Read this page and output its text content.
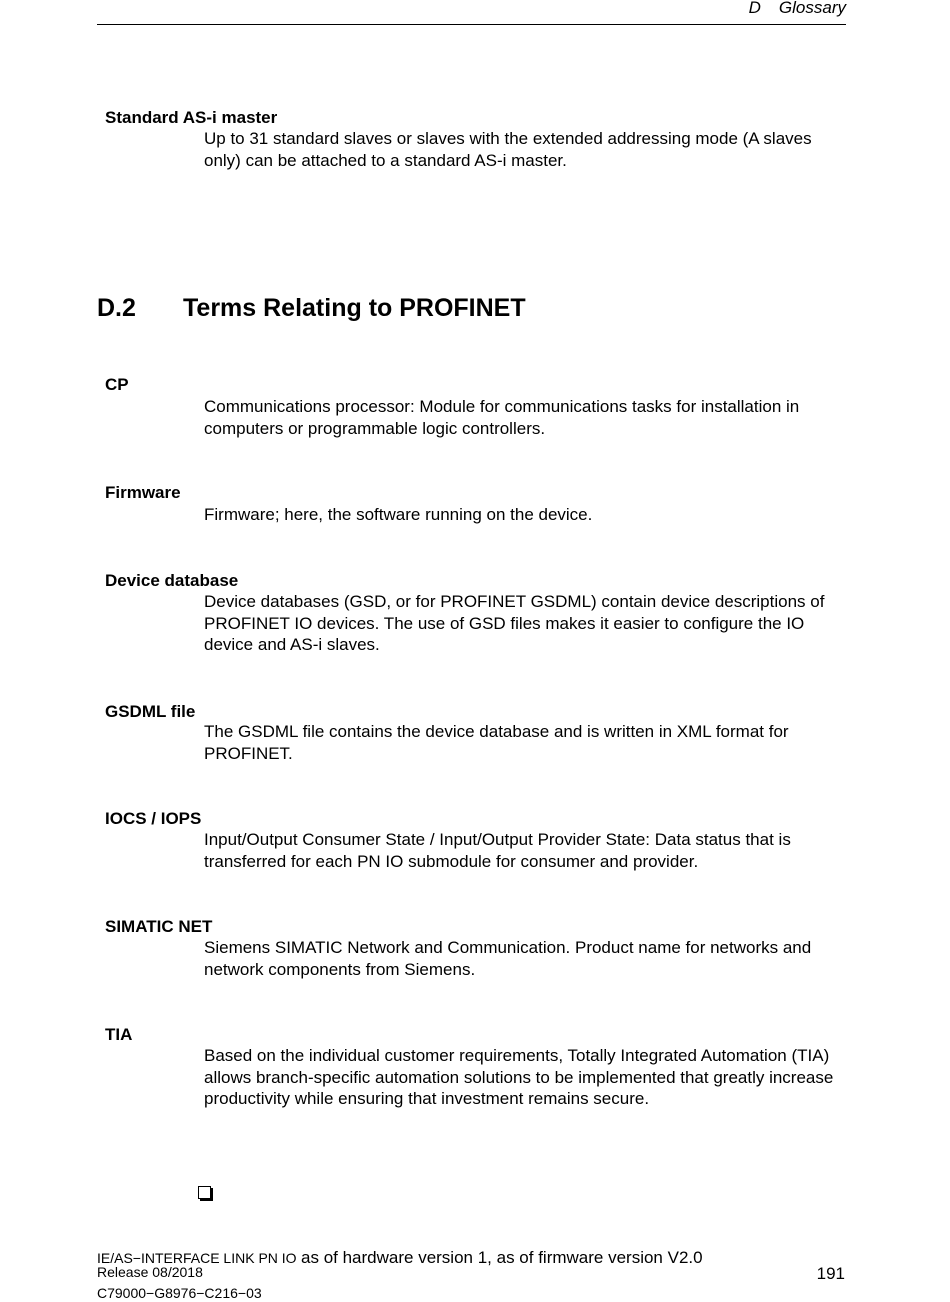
D Glossary
Standard AS-i master
Up to 31 standard slaves or slaves with the extended addressing mode (A slaves only) can be attached to a standard AS-i master.
D.2 Terms Relating to PROFINET
CP
Communications processor: Module for communications tasks for installation in computers or programmable logic controllers.
Firmware
Firmware; here, the software running on the device.
Device database
Device databases (GSD, or for PROFINET GSDML) contain device descriptions of PROFINET IO devices. The use of GSD files makes it easier to configure the IO device and AS-i slaves.
GSDML file
The GSDML file contains the device database and is written in XML format for PROFINET.
IOCS / IOPS
Input/Output Consumer State / Input/Output Provider State: Data status that is transferred for each PN IO submodule for consumer and provider.
SIMATIC NET
Siemens SIMATIC Network and Communication. Product name for networks and network components from Siemens.
TIA
Based on the individual customer requirements, Totally Integrated Automation (TIA) allows branch-specific automation solutions to be implemented that greatly increase productivity while ensuring that investment remains secure.
IE/AS−INTERFACE LINK PN IO as of hardware version 1, as of firmware version V2.0
Release 08/2018
C79000−G8976−C216−03
191
